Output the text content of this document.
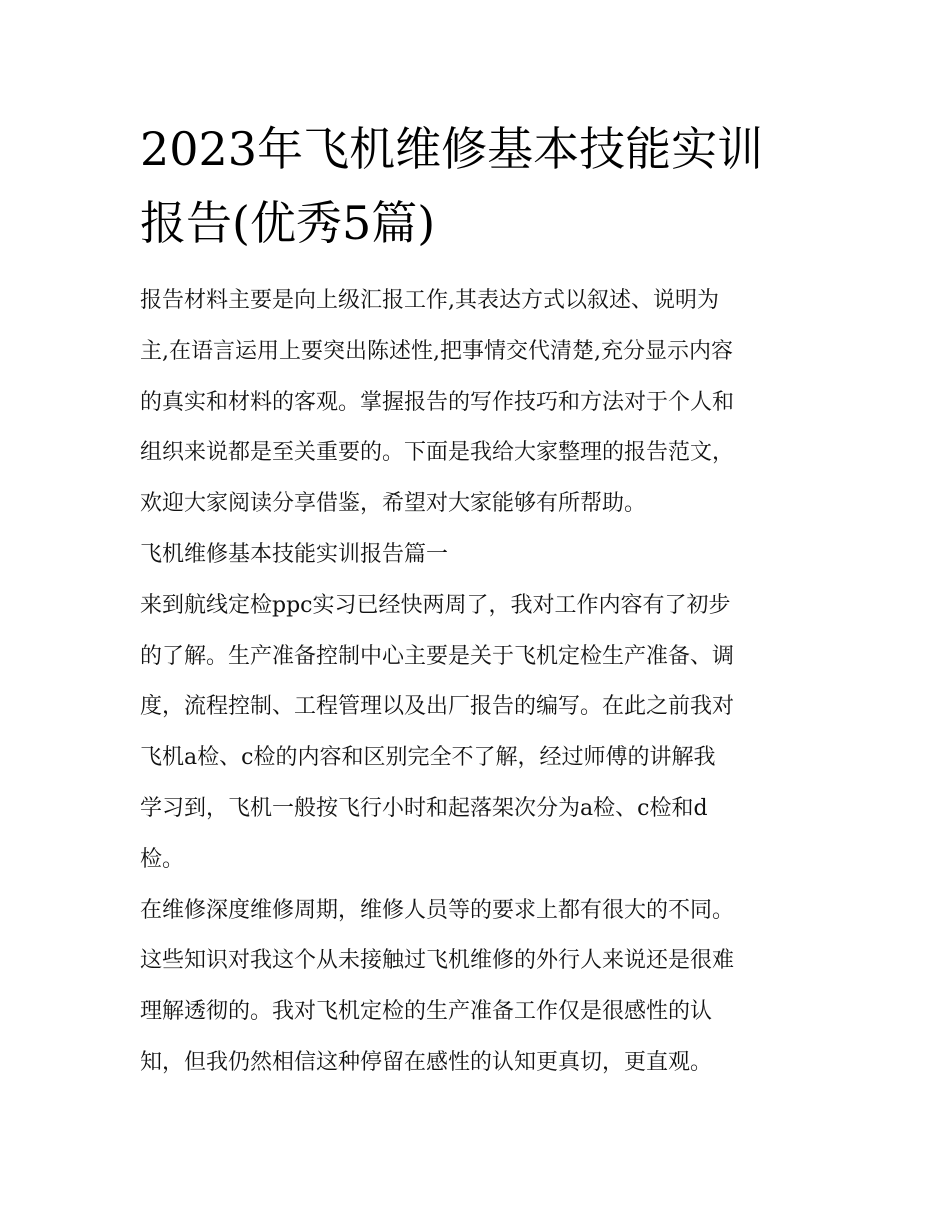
2023年飞机维修基本技能实训
报告(优秀5篇)

报告材料主要是向上级汇报工作,其表达方式以叙述、说明为

主,在语言运用上要突出陈述性,把事情交代清楚,充分显示内容

的真实和材料的客观。掌握报告的写作技巧和方法对于个人和

组织来说都是至关重要的。下面是我给大家整理的报告范文，

欢迎大家阅读分享借鉴，希望对大家能够有所帮助。

飞机维修基本技能实训报告篇一

来到航线定检ppc实习已经快两周了，我对工作内容有了初步

的了解。生产准备控制中心主要是关于飞机定检生产准备、调

度，流程控制、工程管理以及出厂报告的编写。在此之前我对

飞机a检、c检的内容和区别完全不了解，经过师傅的讲解我

学习到，飞机一般按飞行小时和起落架次分为a检、c检和d

检。

在维修深度维修周期，维修人员等的要求上都有很大的不同。

这些知识对我这个从未接触过飞机维修的外行人来说还是很难

理解透彻的。我对飞机定检的生产准备工作仅是很感性的认

知，但我仍然相信这种停留在感性的认知更真切，更直观。
